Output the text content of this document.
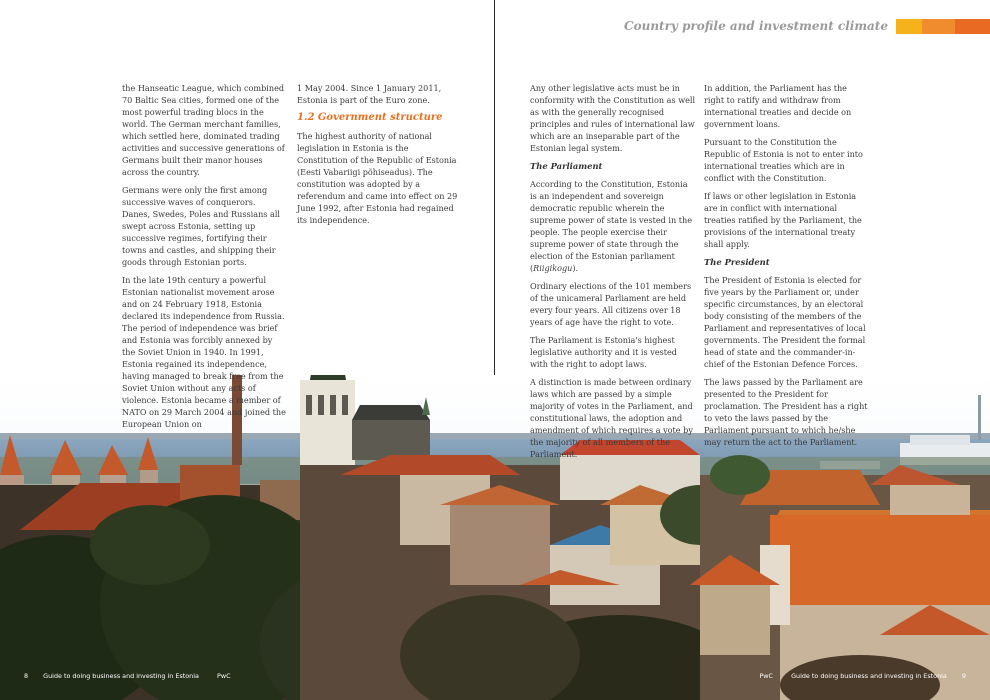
Country profile and investment climate

the Hanseatic League, which combined 70 Baltic Sea cities, formed one of the most powerful trading blocs in the world. The German merchant families, which settled here, dominated trading activities and successive generations of Germans built their manor houses across the country.

Germans were only the first among successive waves of conquerors. Danes, Swedes, Poles and Russians all swept across Estonia, setting up successive regimes, fortifying their towns and castles, and shipping their goods through Estonian ports.

In the late 19th century a powerful Estonian nationalist movement arose and on 24 February 1918, Estonia declared its independence from Russia. The period of independence was brief and Estonia was forcibly annexed by the Soviet Union in 1940. In 1991, Estonia regained its independence, having managed to break free from the Soviet Union without any acts of violence. Estonia became a member of NATO on 29 March 2004 and joined the European Union on

1 May 2004. Since 1 January 2011, Estonia is part of the Euro zone.

1.2 Government structure

The highest authority of national legislation in Estonia is the Constitution of the Republic of Estonia (Eesti Vabariigi põhiseadus). The constitution was adopted by a referendum and came into effect on 29 June 1992, after Estonia had regained its independence.

Any other legislative acts must be in conformity with the Constitution as well as with the generally recognised principles and rules of international law which are an inseparable part of the Estonian legal system.

The Parliament

According to the Constitution, Estonia is an independent and sovereign democratic republic wherein the supreme power of state is vested in the people. The people exercise their supreme power of state through the election of the Estonian parliament (Riigikogu).

Ordinary elections of the 101 members of the unicameral Parliament are held every four years. All citizens over 18 years of age have the right to vote.

The Parliament is Estonia's highest legislative authority and it is vested with the right to adopt laws.

A distinction is made between ordinary laws which are passed by a simple majority of votes in the Parliament, and constitutional laws, the adoption and amendment of which requires a vote by the majority of all members of the Parliament.

In addition, the Parliament has the right to ratify and withdraw from international treaties and decide on government loans.

Pursuant to the Constitution the Republic of Estonia is not to enter into international treaties which are in conflict with the Constitution.

If laws or other legislation in Estonia are in conflict with international treaties ratified by the Parliament, the provisions of the international treaty shall apply.

The President

The President of Estonia is elected for five years by the Parliament or, under specific circumstances, by an electoral body consisting of the members of the Parliament and representatives of local governments. The President the formal head of state and the commander-in-chief of the Estonian Defence Forces.

The laws passed by the Parliament are presented to the President for proclamation. The President has a right to veto the laws passed by the Parliament pursuant to which he/she may return the act to the Parliament.

8 Guide to doing business and investing in Estonia	PwC	PwC	Guide to doing business and investing in Estonia 9
